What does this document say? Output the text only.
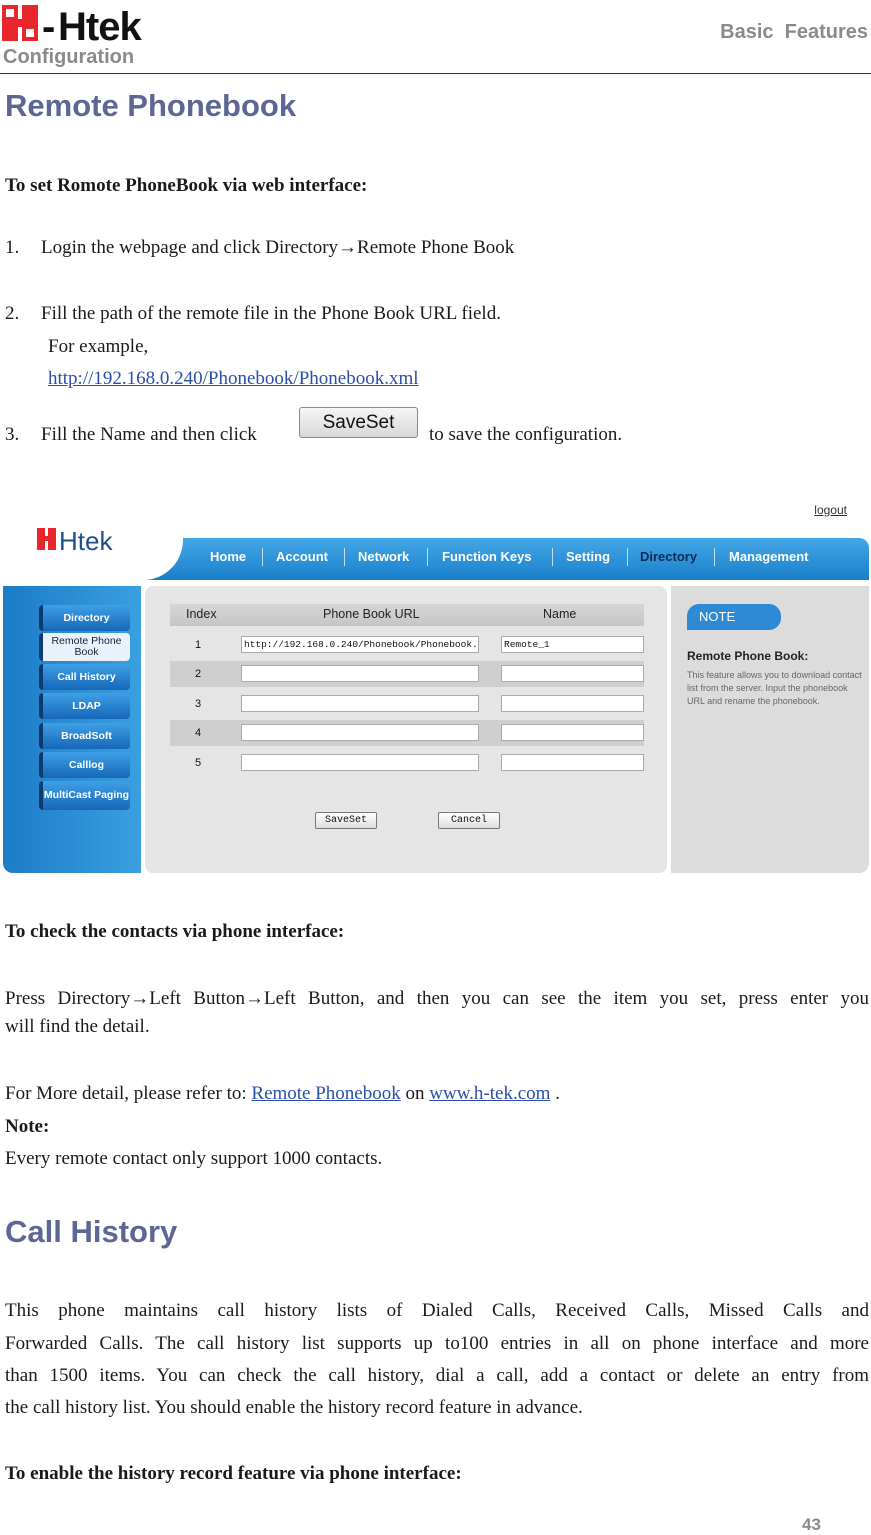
- Htek
Configuration
Basic  Features
Remote Phonebook
To set Romote PhoneBook via web interface:
1. Login the webpage and click Directory→Remote Phone Book
2. Fill the path of the remote file in the Phone Book URL field.
For example,
http://192.168.0.240/Phonebook/Phonebook.xml
3. Fill the Name and then click
SaveSet
to save the configuration.
Htek
logout
Home Account Network	Function Keys	Setting Directory Management
Directory
Remote Phone Book
Call History
LDAP
BroadSoft
Calllog
MultiCast Paging
Index	Phone Book URL	Name
1	http://192.168.0.240/Phonebook/Phonebook.	Remote_1
2
3
4
5
SaveSet	Cancel
NOTE
Remote Phone Book:
This feature allows you to download contact list from the server. Input the phonebook URL and rename the phonebook.
To check the contacts via phone interface:
Press Directory→Left Button→Left Button, and then you can see the item you set, press enter you
will find the detail.
For More detail, please refer to: Remote Phonebook on www.h-tek.com .
Note:
Every remote contact only support 1000 contacts.
Call History
This phone maintains call history lists of Dialed Calls, Received Calls, Missed Calls and
Forwarded Calls. The call history list supports up to100 entries in all on phone interface and more
than 1500 items. You can check the call history, dial a call, add a contact or delete an entry from
the call history list. You should enable the history record feature in advance.
To enable the history record feature via phone interface:
43
